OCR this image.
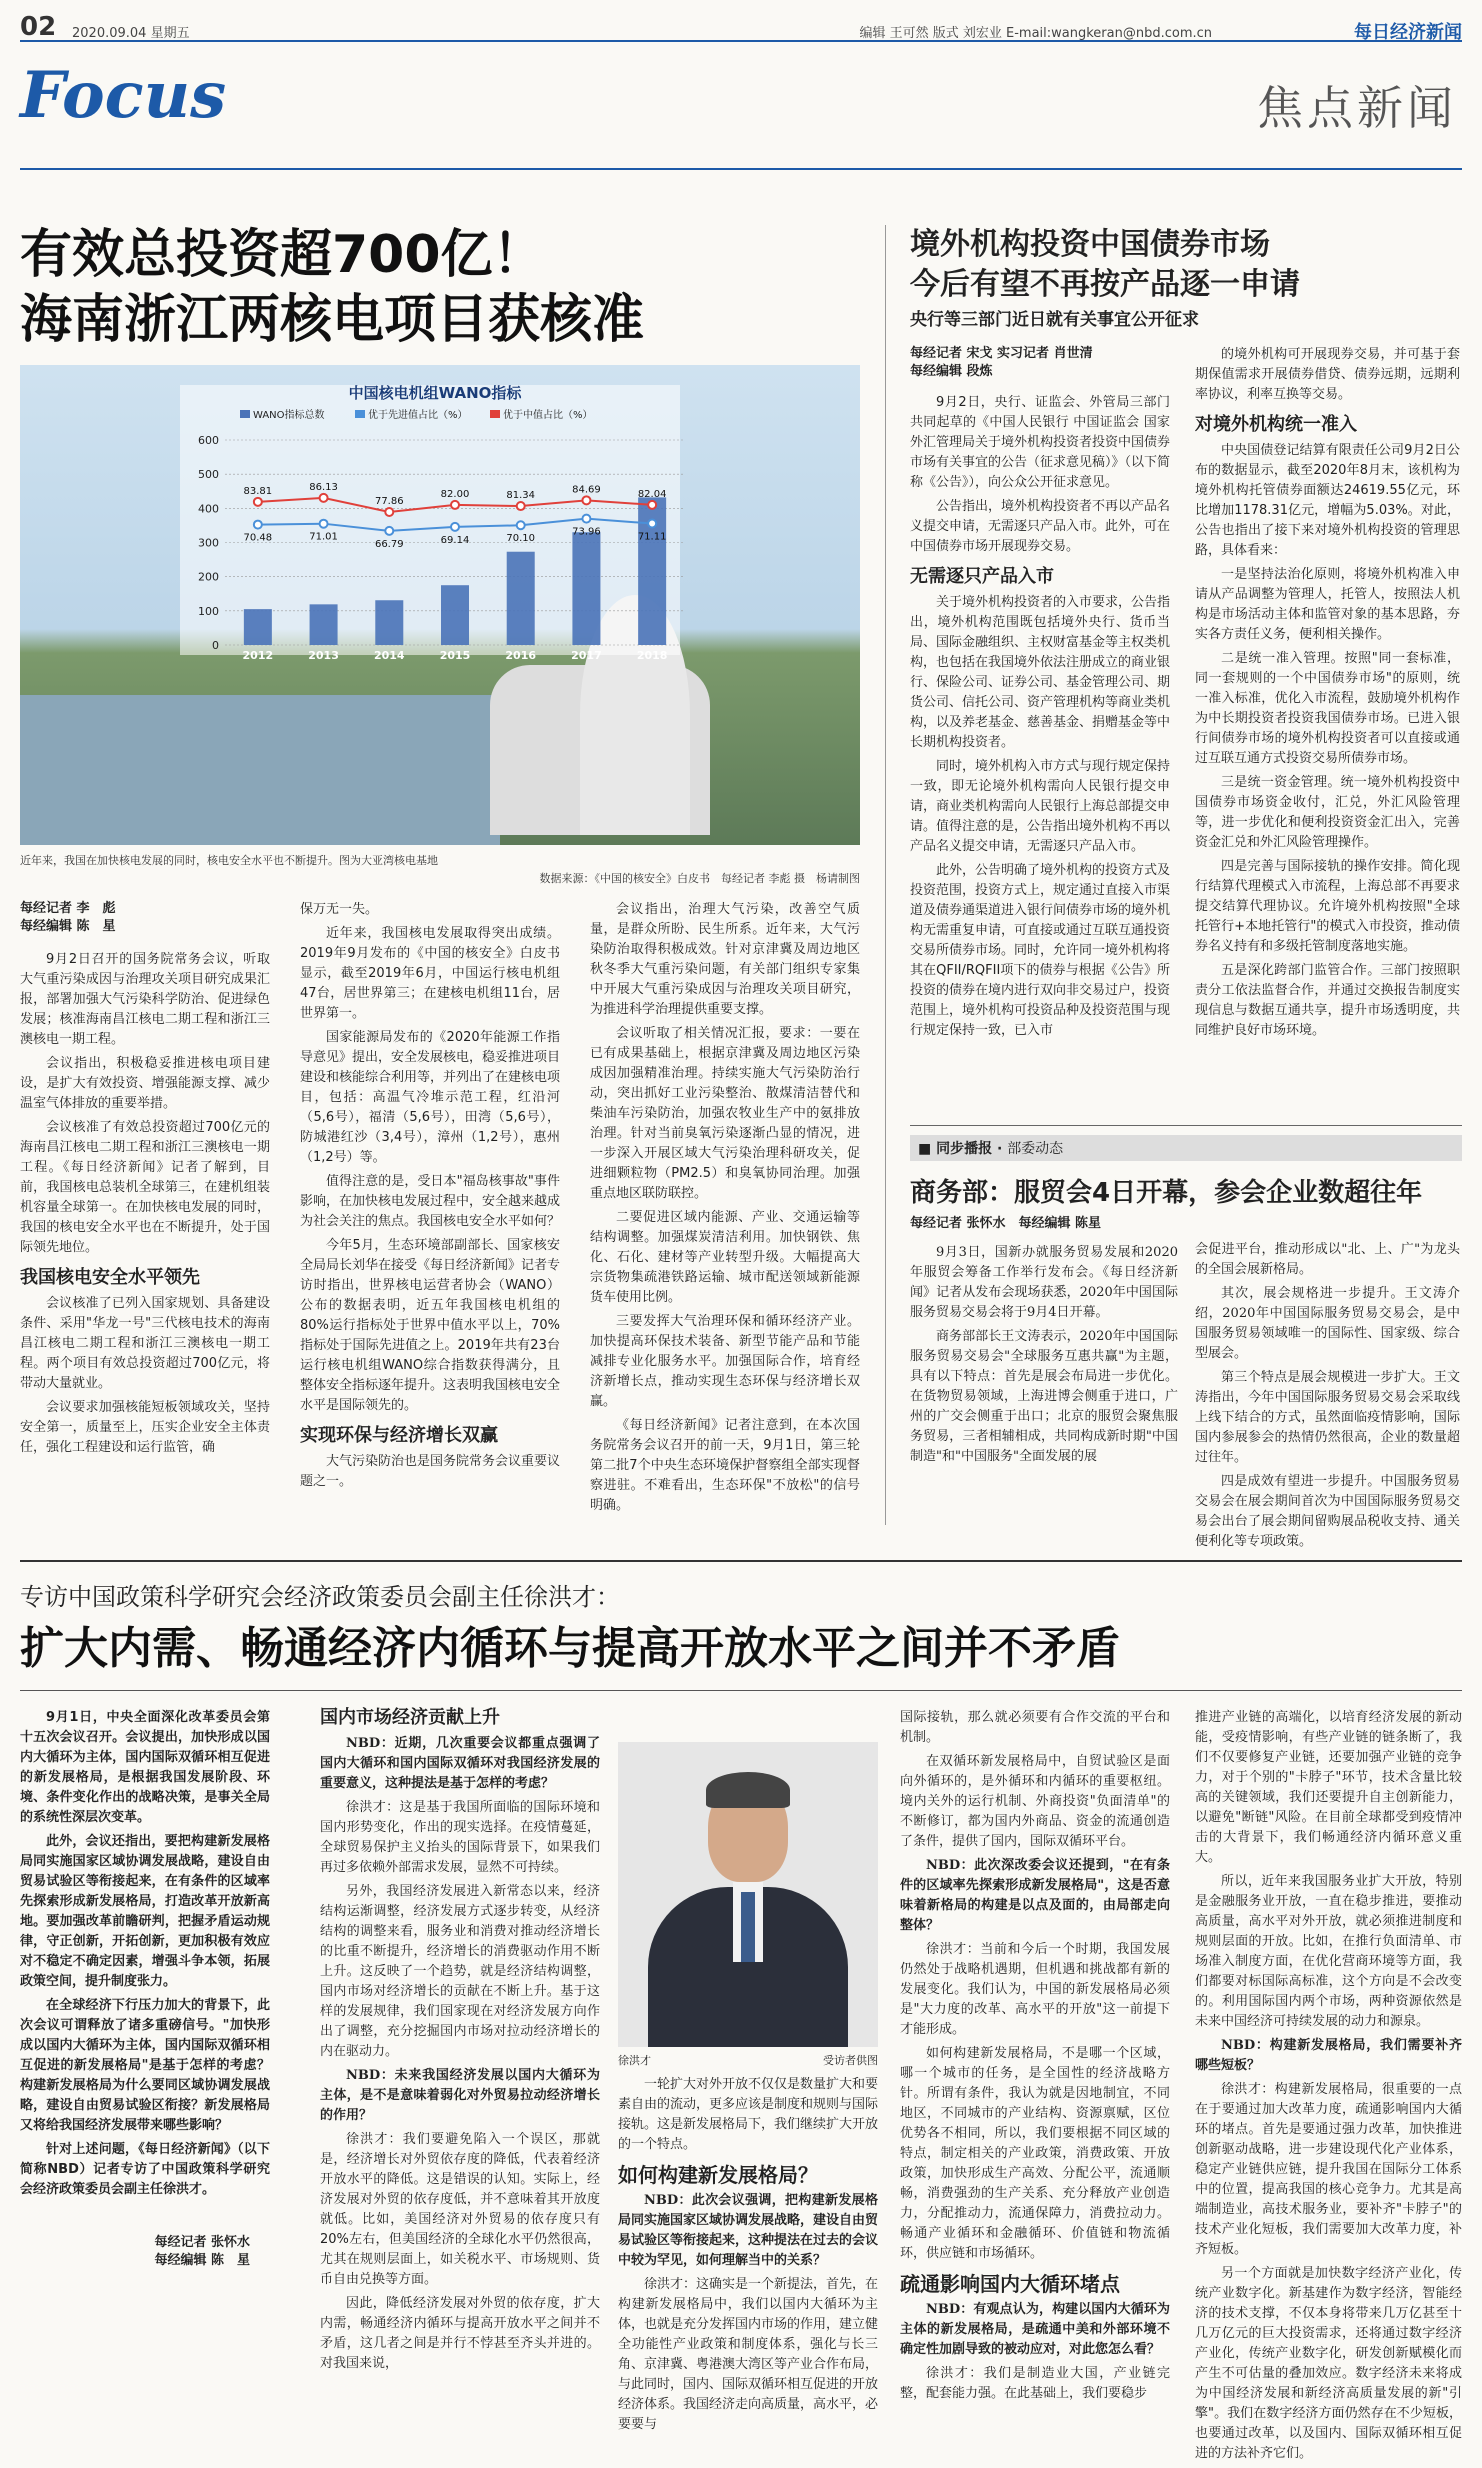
02 2020.09.04 星期五	编辑 王可然 版式 刘宏业 E-mail:wangkeran@nbd.com.cn	每日经济新闻
Focus	焦点新闻
有效总投资超700亿！
海南浙江两核电项目获核准
中国核电机组WANO指标
WANO指标总数	优于先进值占比（%）	优于中值占比（%）
0
100
200
300
400
500
600
83.81	86.13
77.86
82.00	81.34
84.69	82.04
70.48	71.01
66.79	69.14	70.10
73.96	71.11
2012	2013	2014	2015	2016	2017	2018
近年来，我国在加快核电发展的同时，核电安全水平也不断提升。图为大亚湾核电基地
数据来源：《中国的核安全》白皮书　每经记者 李彪 摄　杨请制图
每经记者 李　彪
每经编辑 陈　星

9月2日召开的国务院常务会议，听取大气重污染成因与治理攻关项目研究成果汇报，部署加强大气污染科学防治、促进绿色发展；核准海南昌江核电二期工程和浙江三澳核电一期工程。

会议指出，积极稳妥推进核电项目建设，是扩大有效投资、增强能源支撑、减少温室气体排放的重要举措。

会议核准了有效总投资超过700亿元的海南昌江核电二期工程和浙江三澳核电一期工程。《每日经济新闻》记者了解到，目前，我国核电总装机全球第三，在建机组装机容量全球第一。在加快核电发展的同时，我国的核电安全水平也在不断提升，处于国际领先地位。

我国核电安全水平领先

会议核准了已列入国家规划、具备建设条件、采用"华龙一号"三代核电技术的海南昌江核电二期工程和浙江三澳核电一期工程。两个项目有效总投资超过700亿元，将带动大量就业。

会议要求加强核能短板领域攻关，坚持安全第一，质量至上，压实企业安全主体责任，强化工程建设和运行监管，确

保万无一失。

近年来，我国核电发展取得突出成绩。2019年9月发布的《中国的核安全》白皮书显示，截至2019年6月，中国运行核电机组47台，居世界第三；在建核电机组11台，居世界第一。

国家能源局发布的《2020年能源工作指导意见》提出，安全发展核电，稳妥推进项目建设和核能综合利用等，并列出了在建核电项目，包括：高温气冷堆示范工程，红沿河（5,6号），福清（5,6号），田湾（5,6号），防城港红沙（3,4号），漳州（1,2号），惠州（1,2号）等。

值得注意的是，受日本"福岛核事故"事件影响，在加快核电发展过程中，安全越来越成为社会关注的焦点。我国核电安全水平如何？

今年5月，生态环境部副部长、国家核安全局局长刘华在接受《每日经济新闻》记者专访时指出，世界核电运营者协会（WANO）公布的数据表明，近五年我国核电机组的80%运行指标处于世界中值水平以上，70%指标处于国际先进值之上。2019年共有23台运行核电机组WANO综合指数获得满分，且整体安全指标逐年提升。这表明我国核电安全水平是国际领先的。

实现环保与经济增长双赢

大气污染防治也是国务院常务会议重要议题之一。

会议指出，治理大气污染，改善空气质量，是群众所盼、民生所系。近年来，大气污染防治取得积极成效。针对京津冀及周边地区秋冬季大气重污染问题，有关部门组织专家集中开展大气重污染成因与治理攻关项目研究，为推进科学治理提供重要支撑。

会议听取了相关情况汇报，要求：一要在已有成果基础上，根据京津冀及周边地区污染成因加强精准治理。持续实施大气污染防治行动，突出抓好工业污染整治、散煤清洁替代和柴油车污染防治，加强农牧业生产中的氨排放治理。针对当前臭氧污染逐渐凸显的情况，进一步深入开展区域大气污染治理科研攻关，促进细颗粒物（PM2.5）和臭氧协同治理。加强重点地区联防联控。

二要促进区域内能源、产业、交通运输等结构调整。加强煤炭清洁利用。加快钢铁、焦化、石化、建材等产业转型升级。大幅提高大宗货物集疏港铁路运输、城市配送领域新能源货车使用比例。

三要发挥大气治理环保和循环经济产业。加快提高环保技术装备、新型节能产品和节能减排专业化服务水平。加强国际合作，培育经济新增长点，推动实现生态环保与经济增长双赢。

《每日经济新闻》记者注意到，在本次国务院常务会议召开的前一天，9月1日，第三轮第二批7个中央生态环境保护督察组全部实现督察进驻。不难看出，生态环保"不放松"的信号明确。

境外机构投资中国债券市场
今后有望不再按产品逐一申请
央行等三部门近日就有关事宜公开征求
每经记者 宋戈 实习记者 肖世清
每经编辑 段炼

9月2日，央行、证监会、外管局三部门共同起草的《中国人民银行 中国证监会 国家外汇管理局关于境外机构投资者投资中国债券市场有关事宜的公告（征求意见稿）》（以下简称《公告》），向公众公开征求意见。

公告指出，境外机构投资者不再以产品名义提交申请，无需逐只产品入市。此外，可在中国债券市场开展现券交易。

无需逐只产品入市

关于境外机构投资者的入市要求，公告指出，境外机构范围既包括境外央行、货币当局、国际金融组织、主权财富基金等主权类机构，也包括在我国境外依法注册成立的商业银行、保险公司、证券公司、基金管理公司、期货公司、信托公司、资产管理机构等商业类机构，以及养老基金、慈善基金、捐赠基金等中长期机构投资者。

同时，境外机构入市方式与现行规定保持一致，即无论境外机构需向人民银行提交申请，商业类机构需向人民银行上海总部提交申请。值得注意的是，公告指出境外机构不再以产品名义提交申请，无需逐只产品入市。

此外，公告明确了境外机构的投资方式及投资范围，投资方式上，规定通过直接入市渠道及债券通渠道进入银行间债券市场的境外机构无需重复申请，可直接或通过互联互通投资交易所债券市场。同时，允许同一境外机构将其在QFII/RQFII项下的债券与根据《公告》所投资的债券在境内进行双向非交易过户，投资范围上，境外机构可投资品种及投资范围与现行规定保持一致，已入市

的境外机构可开展现券交易，并可基于套期保值需求开展债券借贷、债券远期，远期利率协议，利率互换等交易。

对境外机构统一准入

中央国债登记结算有限责任公司9月2日公布的数据显示，截至2020年8月末，该机构为境外机构托管债券面额达24619.55亿元，环比增加1178.31亿元，增幅为5.03%。对此，公告也指出了接下来对境外机构投资的管理思路，具体看来：

一是坚持法治化原则，将境外机构准入申请从产品调整为管理人，托管人，按照法人机构是市场活动主体和监管对象的基本思路，夯实各方责任义务，便利相关操作。

二是统一准入管理。按照"同一套标准，同一套规则的一个中国债券市场"的原则，统一准入标准，优化入市流程，鼓励境外机构作为中长期投资者投资我国债券市场。已进入银行间债券市场的境外机构投资者可以直接或通过互联互通方式投资交易所债券市场。

三是统一资金管理。统一境外机构投资中国债券市场资金收付，汇兑，外汇风险管理等，进一步优化和便利投资资金汇出入，完善资金汇兑和外汇风险管理操作。

四是完善与国际接轨的操作安排。简化现行结算代理模式入市流程，上海总部不再要求提交结算代理协议。允许境外机构按照"全球托管行+本地托管行"的模式入市投资，推动债券名义持有和多级托管制度落地实施。

五是深化跨部门监管合作。三部门按照职责分工依法监督合作，并通过交换报告制度实现信息与数据互通共享，提升市场透明度，共同维护良好市场环境。

■ 同步播报 · 部委动态
商务部：服贸会4日开幕，参会企业数超往年
每经记者 张怀水　每经编辑 陈星

9月3日，国新办就服务贸易发展和2020年服贸会筹备工作举行发布会。《每日经济新闻》记者从发布会现场获悉，2020年中国国际服务贸易交易会将于9月4日开幕。

商务部部长王文涛表示，2020年中国国际服务贸易交易会"全球服务互惠共赢"为主题，具有以下特点：首先是展会布局进一步优化。在货物贸易领域，上海进博会侧重于进口，广州的广交会侧重于出口；北京的服贸会聚焦服务贸易，三者相辅相成，共同构成新时期"中国制造"和"中国服务"全面发展的展

会促进平台，推动形成以"北、上、广"为龙头的全国会展新格局。

其次，展会规格进一步提升。王文涛介绍，2020年中国国际服务贸易交易会，是中国服务贸易领域唯一的国际性、国家级、综合型展会。

第三个特点是展会规模进一步扩大。王文涛指出，今年中国国际服务贸易交易会采取线上线下结合的方式，虽然面临疫情影响，国际国内参展参会的热情仍然很高，企业的数量超过往年。

四是成效有望进一步提升。中国服务贸易交易会在展会期间首次为中国国际服务贸易交易会出台了展会期间留购展品税收支持、通关便利化等专项政策。

专访中国政策科学研究会经济政策委员会副主任徐洪才：
扩大内需、畅通经济内循环与提高开放水平之间并不矛盾

9月1日，中央全面深化改革委员会第十五次会议召开。会议提出，加快形成以国内大循环为主体，国内国际双循环相互促进的新发展格局，是根据我国发展阶段、环境、条件变化作出的战略决策，是事关全局的系统性深层次变革。

此外，会议还指出，要把构建新发展格局同实施国家区域协调发展战略，建设自由贸易试验区等衔接起来，在有条件的区域率先探索形成新发展格局，打造改革开放新高地。要加强改革前瞻研判，把握矛盾运动规律，守正创新，开拓创新，更加积极有效应对不稳定不确定因素，增强斗争本领，拓展政策空间，提升制度张力。

在全球经济下行压力加大的背景下，此次会议可谓释放了诸多重磅信号。"加快形成以国内大循环为主体，国内国际双循环相互促进的新发展格局"是基于怎样的考虑？构建新发展格局为什么要同区域协调发展战略，建设自由贸易试验区衔接？新发展格局又将给我国经济发展带来哪些影响？

针对上述问题，《每日经济新闻》（以下简称NBD）记者专访了中国政策科学研究会经济政策委员会副主任徐洪才。

每经记者 张怀水
每经编辑 陈　星
国内市场经济贡献上升

NBD：近期，几次重要会议都重点强调了国内大循环和国内国际双循环对我国经济发展的重要意义，这种提法是基于怎样的考虑？

徐洪才：这是基于我国所面临的国际环境和国内形势变化，作出的现实选择。在疫情蔓延，全球贸易保护主义抬头的国际背景下，如果我们再过多依赖外部需求发展，显然不可持续。

另外，我国经济发展进入新常态以来，经济结构运渐调整，经济发展方式逐步转变，从经济结构的调整来看，服务业和消费对推动经济增长的比重不断提升，经济增长的消费驱动作用不断上升。这反映了一个趋势，就是经济结构调整，国内市场对经济增长的贡献在不断上升。基于这样的发展规律，我们国家现在对经济发展方向作出了调整，充分挖掘国内市场对拉动经济增长的内在驱动力。

NBD：未来我国经济发展以国内大循环为主体，是不是意味着弱化对外贸易拉动经济增长的作用？

徐洪才：我们要避免陷入一个误区，那就是，经济增长对外贸依存度的降低，代表着经济开放水平的降低。这是错误的认知。实际上，经济发展对外贸的依存度低，并不意味着其开放度就低。比如，美国经济对外贸易的依存度只有20%左右，但美国经济的全球化水平仍然很高，尤其在规则层面上，如关税水平、市场规则、货币自由兑换等方面。

因此，降低经济发展对外贸的依存度，扩大内需，畅通经济内循环与提高开放水平之间并不矛盾，这几者之间是并行不悖甚至齐头并进的。对我国来说，

徐洪才	受访者供图

一轮扩大对外开放不仅仅是数量扩大和要素自由的流动，更多应该是制度和规则与国际接轨。这是新发展格局下，我们继续扩大开放的一个特点。

如何构建新发展格局？

NBD：此次会议强调，把构建新发展格局同实施国家区域协调发展战略，建设自由贸易试验区等衔接起来，这种提法在过去的会议中较为罕见，如何理解当中的关系？

徐洪才：这确实是一个新提法，首先，在构建新发展格局中，我们以国内大循环为主体，也就是充分发挥国内市场的作用，建立健全功能性产业政策和制度体系，强化与长三角、京津冀、粤港澳大湾区等产业合作布局，与此同时，国内、国际双循环相互促进的开放经济体系。我国经济走向高质量，高水平，必要要与

国际接轨，那么就必须要有合作交流的平台和机制。

在双循环新发展格局中，自贸试验区是面向外循环的，是外循环和内循环的重要枢纽。境内关外的运行机制、外商投资"负面清单"的不断修订，都为国内外商品、资金的流通创造了条件，提供了国内，国际双循环平台。

NBD：此次深改委会议还提到，"在有条件的区域率先探索形成新发展格局"，这是否意味着新格局的构建是以点及面的，由局部走向整体？

徐洪才：当前和今后一个时期，我国发展仍然处于战略机遇期，但机遇和挑战都有新的发展变化。我们认为，中国的新发展格局必须是"大力度的改革、高水平的开放"这一前提下才能形成。

如何构建新发展格局，不是哪一个区域，哪一个城市的任务，是全国性的经济战略方针。所谓有条件，我认为就是因地制宜，不同地区，不同城市的产业结构、资源禀赋，区位优势各不相同，所以，我们要根据不同区域的特点，制定相关的产业政策，消费政策、开放政策，加快形成生产高效、分配公平，流通顺畅，消费强劲的生产关系、充分释放产业创造力，分配推动力，流通保障力，消费拉动力。畅通产业循环和金融循环、价值链和物流循环，供应链和市场循环。

疏通影响国内大循环堵点

NBD：有观点认为，构建以国内大循环为主体的新发展格局，是疏通中美和外部环境不确定性加剧导致的被动应对，对此您怎么看？

徐洪才：我们是制造业大国，产业链完整，配套能力强。在此基础上，我们要稳步

推进产业链的高端化，以培育经济发展的新动能，受疫情影响，有些产业链的链条断了，我们不仅要修复产业链，还要加强产业链的竞争力，对于个别的"卡脖子"环节，技术含量比较高的关键领域，我们还要提升自主创新能力，以避免"断链"风险。在目前全球都受到疫情冲击的大背景下，我们畅通经济内循环意义重大。

所以，近年来我国服务业扩大开放，特别是金融服务业开放，一直在稳步推进，要推动高质量，高水平对外开放，就必须推进制度和规则层面的开放。比如，在推行负面清单、市场准入制度方面，在优化营商环境等方面，我们都要对标国际高标准，这个方向是不会改变的。利用国际国内两个市场，两种资源依然是未来中国经济可持续发展的动力和源泉。

NBD：构建新发展格局，我们需要补齐哪些短板？

徐洪才：构建新发展格局，很重要的一点在于要通过加大改革力度，疏通影响国内大循环的堵点。首先是要通过强力改革，加快推进创新驱动战略，进一步建设现代化产业体系，稳定产业链供应链，提升我国在国际分工体系中的位置，提高我国的核心竞争力。尤其是高端制造业，高技术服务业，要补齐"卡脖子"的技术产业化短板，我们需要加大改革力度，补齐短板。

另一个方面就是加快数字经济产业化，传统产业数字化。新基建作为数字经济，智能经济的技术支撑，不仅本身将带来几万亿甚至十几万亿元的巨大投资需求，还将通过数字经济产业化，传统产业数字化，研发创新赋模化而产生不可估量的叠加效应。数字经济未来将成为中国经济发展和新经济高质量发展的新"引擎"。我们在数字经济方面仍然存在不少短板，也要通过改革，以及国内、国际双循环相互促进的方法补齐它们。
